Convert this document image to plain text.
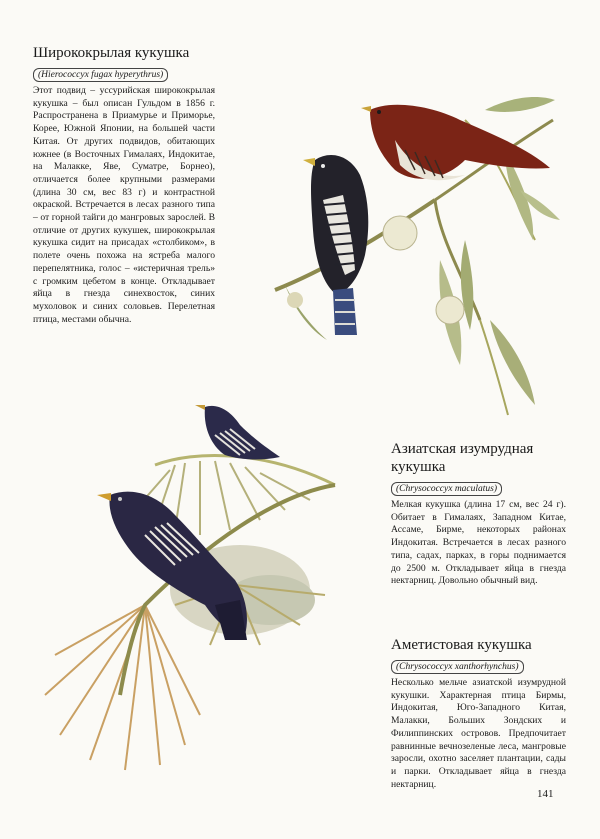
Ширококрылая кукушка
(Hierococcyx fugax hyperythrus)

Этот подвид – уссурийская ширококрылая кукушка – был описан Гульдом в 1856 г. Распространена в Приамурье и Приморье, Корее, Южной Японии, на большей части Китая. От других подвидов, обитающих южнее (в Восточных Гималаях, Индокитае, на Малакке, Яве, Суматре, Борнео), отличается более крупными размерами (длина 30 см, вес 83 г) и контрастной окраской. Встречается в лесах разного типа – от горной тайги до мангровых зарослей. В отличие от других кукушек, ширококрылая кукушка сидит на присадах «столбиком», в полете очень похожа на ястреба малого перепелятника, голос – «истеричная трель» с громким цебетом в конце. Откладывает яйца в гнезда синехвосток, синих мухоловок и синих соловьев. Перелетная птица, местами обычна.

Азиатская изумрудная кукушка
(Chrysococcyx maculatus)

Мелкая кукушка (длина 17 см, вес 24 г). Обитает в Гималаях, Западном Китае, Ассаме, Бирме, некоторых районах Индокитая. Встречается в лесах разного типа, садах, парках, в горы поднимается до 2500 м. Откладывает яйца в гнезда нектарниц. Довольно обычный вид.

Аметистовая кукушка
(Chrysococcyx xanthorhynchus)

Несколько мельче азиатской изумрудной кукушки. Характерная птица Бирмы, Индокитая, Юго-Западного Китая, Малакки, Больших Зондских и Филиппинских островов. Предпочитает равнинные вечнозеленые леса, мангровые заросли, охотно заселяет плантации, сады и парки. Откладывает яйца в гнезда нектарниц.

141
